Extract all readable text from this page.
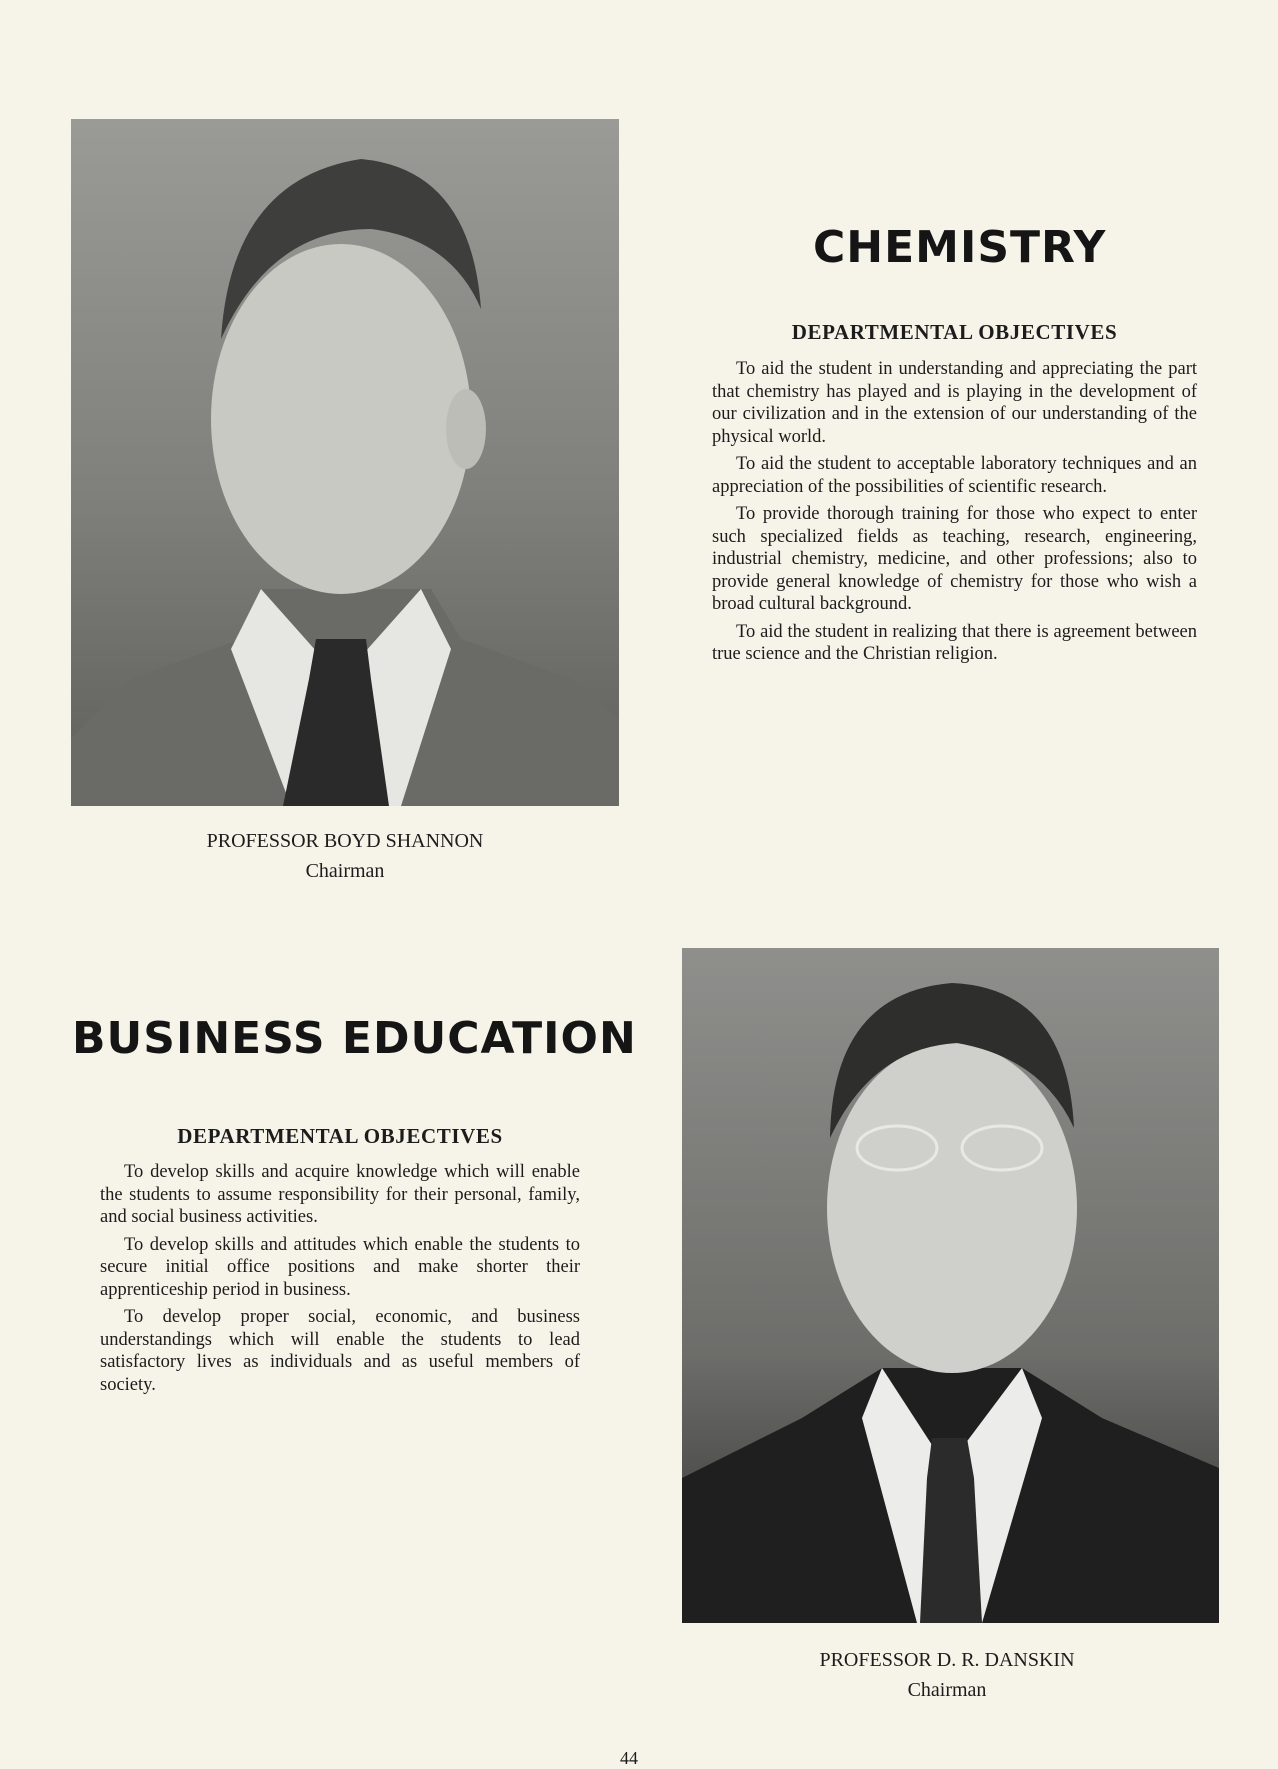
CHEMISTRY
DEPARTMENTAL OBJECTIVES

To aid the student in understanding and appreciating the part that chemistry has played and is playing in the development of our civilization and in the extension of our understanding of the physical world.

To aid the student to acceptable laboratory techniques and an appreciation of the possibilities of scientific research.

To provide thorough training for those who expect to enter such specialized fields as teaching, research, engineering, industrial chemistry, medicine, and other professions; also to provide general knowledge of chemistry for those who wish a broad cultural background.

To aid the student in realizing that there is agreement between true science and the Christian religion.

PROFESSOR BOYD SHANNON
Chairman
BUSINESS EDUCATION
DEPARTMENTAL OBJECTIVES

To develop skills and acquire knowledge which will enable the students to assume responsibility for their personal, family, and social business activities.

To develop skills and attitudes which enable the students to secure initial office positions and make shorter their apprenticeship period in business.

To develop proper social, economic, and business understandings which will enable the students to lead satisfactory lives as individuals and as useful members of society.

PROFESSOR D. R. DANSKIN
Chairman
44
